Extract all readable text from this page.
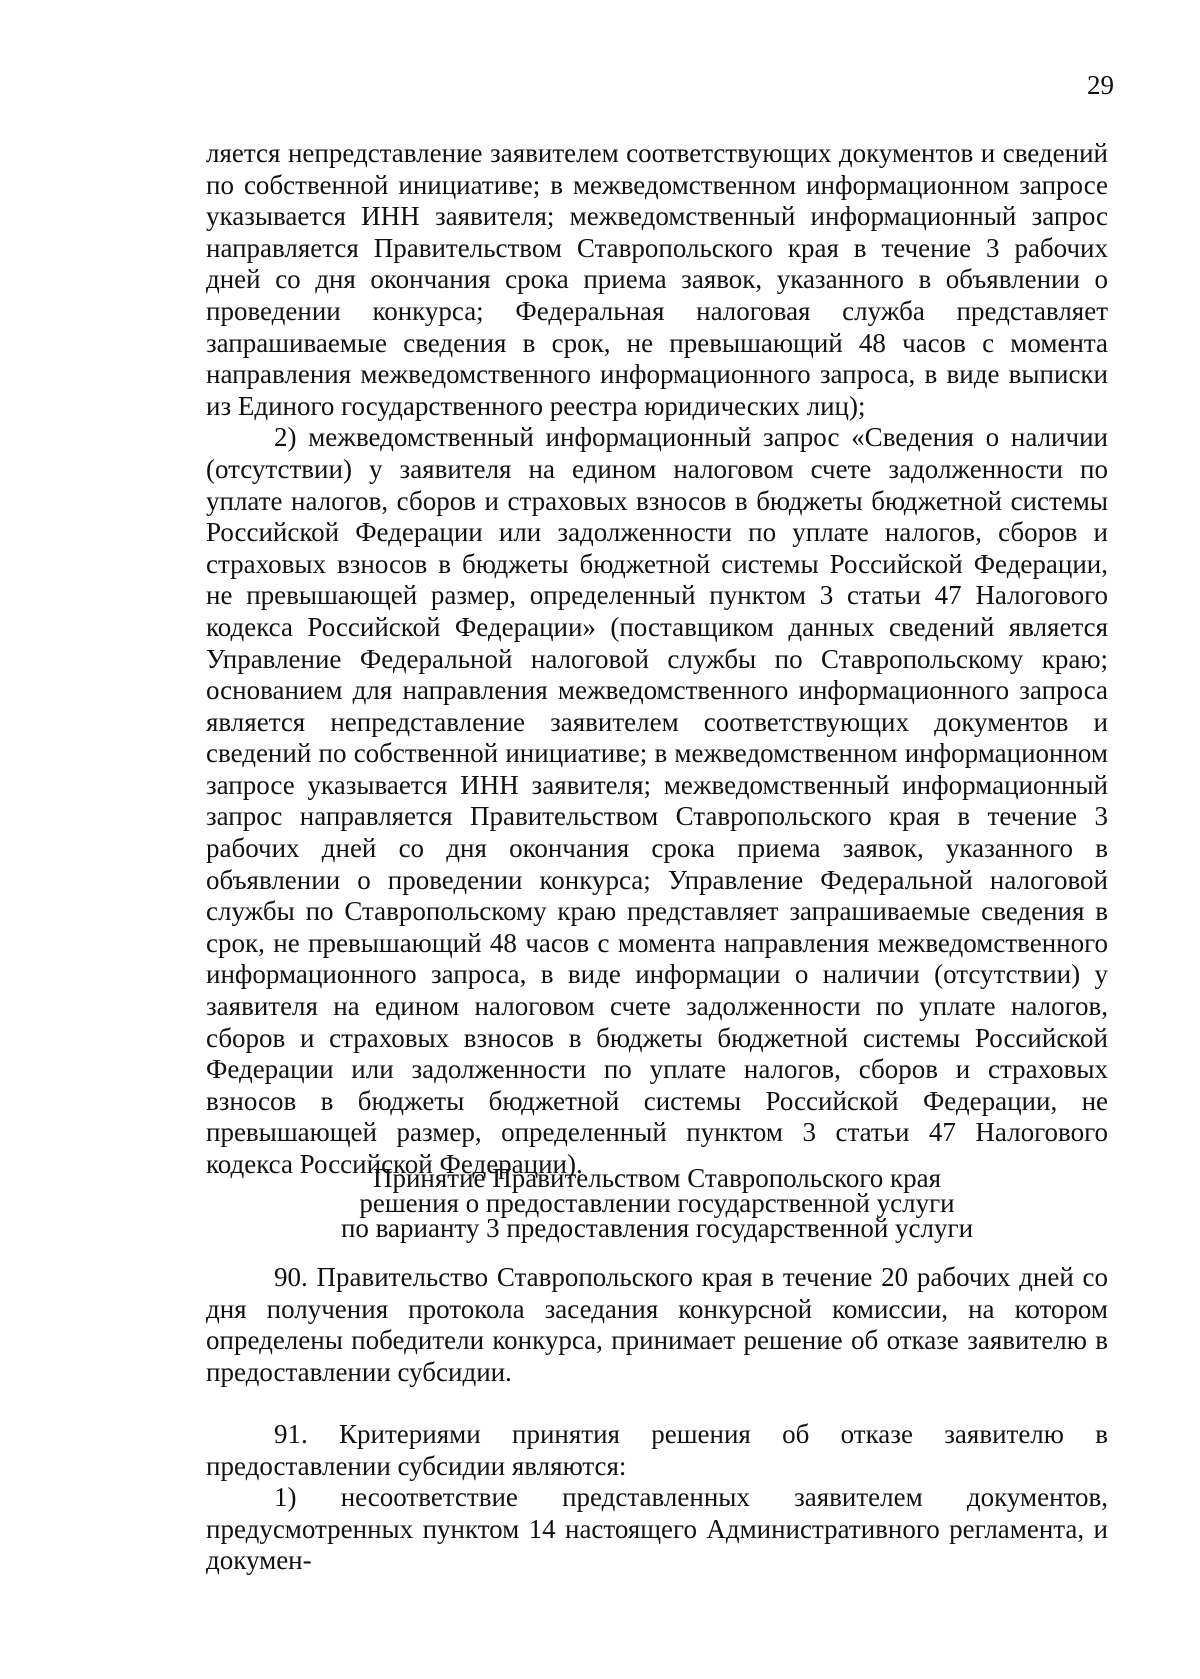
29

ляется непредставление заявителем соответствующих документов и сведений по собственной инициативе; в межведомственном информационном запросе указывается ИНН заявителя; межведомственный информационный запрос направляется Правительством Ставропольского края в течение 3 рабочих дней со дня окончания срока приема заявок, указанного в объявлении о проведении конкурса; Федеральная налоговая служба представляет запрашиваемые сведения в срок, не превышающий 48 часов с момента направления межведомственного информационного запроса, в виде выписки из Единого государственного реестра юридических лиц);

2) межведомственный информационный запрос «Сведения о наличии (отсутствии) у заявителя на едином налоговом счете задолженности по уплате налогов, сборов и страховых взносов в бюджеты бюджетной системы Российской Федерации или задолженности по уплате налогов, сборов и страховых взносов в бюджеты бюджетной системы Российской Федерации, не превышающей размер, определенный пунктом 3 статьи 47 Налогового кодекса Российской Федерации» (поставщиком данных сведений является Управление Федеральной налоговой службы по Ставропольскому краю; основанием для направления межведомственного информационного запроса является непредставление заявителем соответствующих документов и сведений по собственной инициативе; в межведомственном информационном запросе указывается ИНН заявителя; межведомственный информационный запрос направляется Правительством Ставропольского края в течение 3 рабочих дней со дня окончания срока приема заявок, указанного в объявлении о проведении конкурса; Управление Федеральной налоговой службы по Ставропольскому краю представляет запрашиваемые сведения в срок, не превышающий 48 часов с момента направления межведомственного информационного запроса, в виде информации о наличии (отсутствии) у заявителя на едином налоговом счете задолженности по уплате налогов, сборов и страховых взносов в бюджеты бюджетной системы Российской Федерации или задолженности по уплате налогов, сборов и страховых взносов в бюджеты бюджетной системы Российской Федерации, не превышающей размер, определенный пунктом 3 статьи 47 Налогового кодекса Российской Федерации).

Принятие Правительством Ставропольского края
решения о предоставлении государственной услуги
по варианту 3 предоставления государственной услуги

90. Правительство Ставропольского края в течение 20 рабочих дней со дня получения протокола заседания конкурсной комиссии, на котором определены победители конкурса, принимает решение об отказе заявителю в предоставлении субсидии.

91. Критериями принятия решения об отказе заявителю в предоставлении субсидии являются:

1) несоответствие представленных заявителем документов, предусмотренных пунктом 14 настоящего Административного регламента, и докумен-
